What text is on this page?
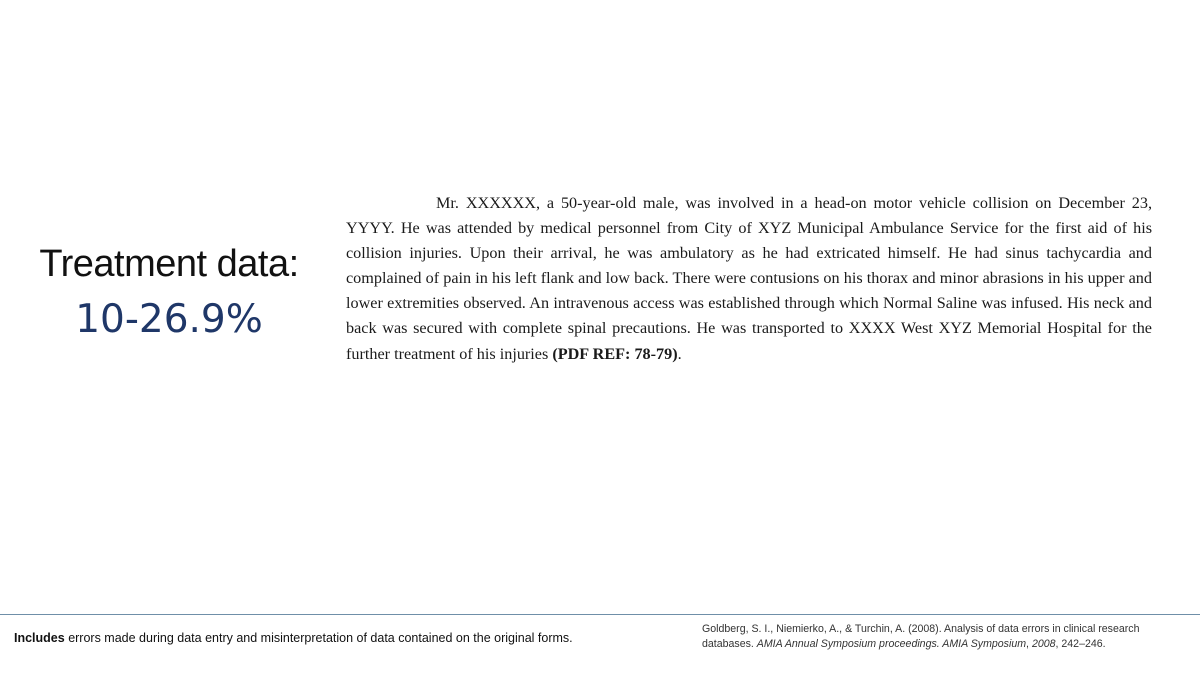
Treatment data:
10-26.9%

Mr. XXXXXX, a 50-year-old male, was involved in a head-on motor vehicle collision on December 23, YYYY. He was attended by medical personnel from City of XYZ Municipal Ambulance Service for the first aid of his collision injuries. Upon their arrival, he was ambulatory as he had extricated himself. He had sinus tachycardia and complained of pain in his left flank and low back. There were contusions on his thorax and minor abrasions in his upper and lower extremities observed. An intravenous access was established through which Normal Saline was infused. His neck and back was secured with complete spinal precautions. He was transported to XXXX West XYZ Memorial Hospital for the further treatment of his injuries (PDF REF: 78-79).

Includes errors made during data entry and misinterpretation of data contained on the original forms.
Goldberg, S. I., Niemierko, A., & Turchin, A. (2008). Analysis of data errors in clinical research databases. AMIA Annual Symposium proceedings. AMIA Symposium, 2008, 242–246.
